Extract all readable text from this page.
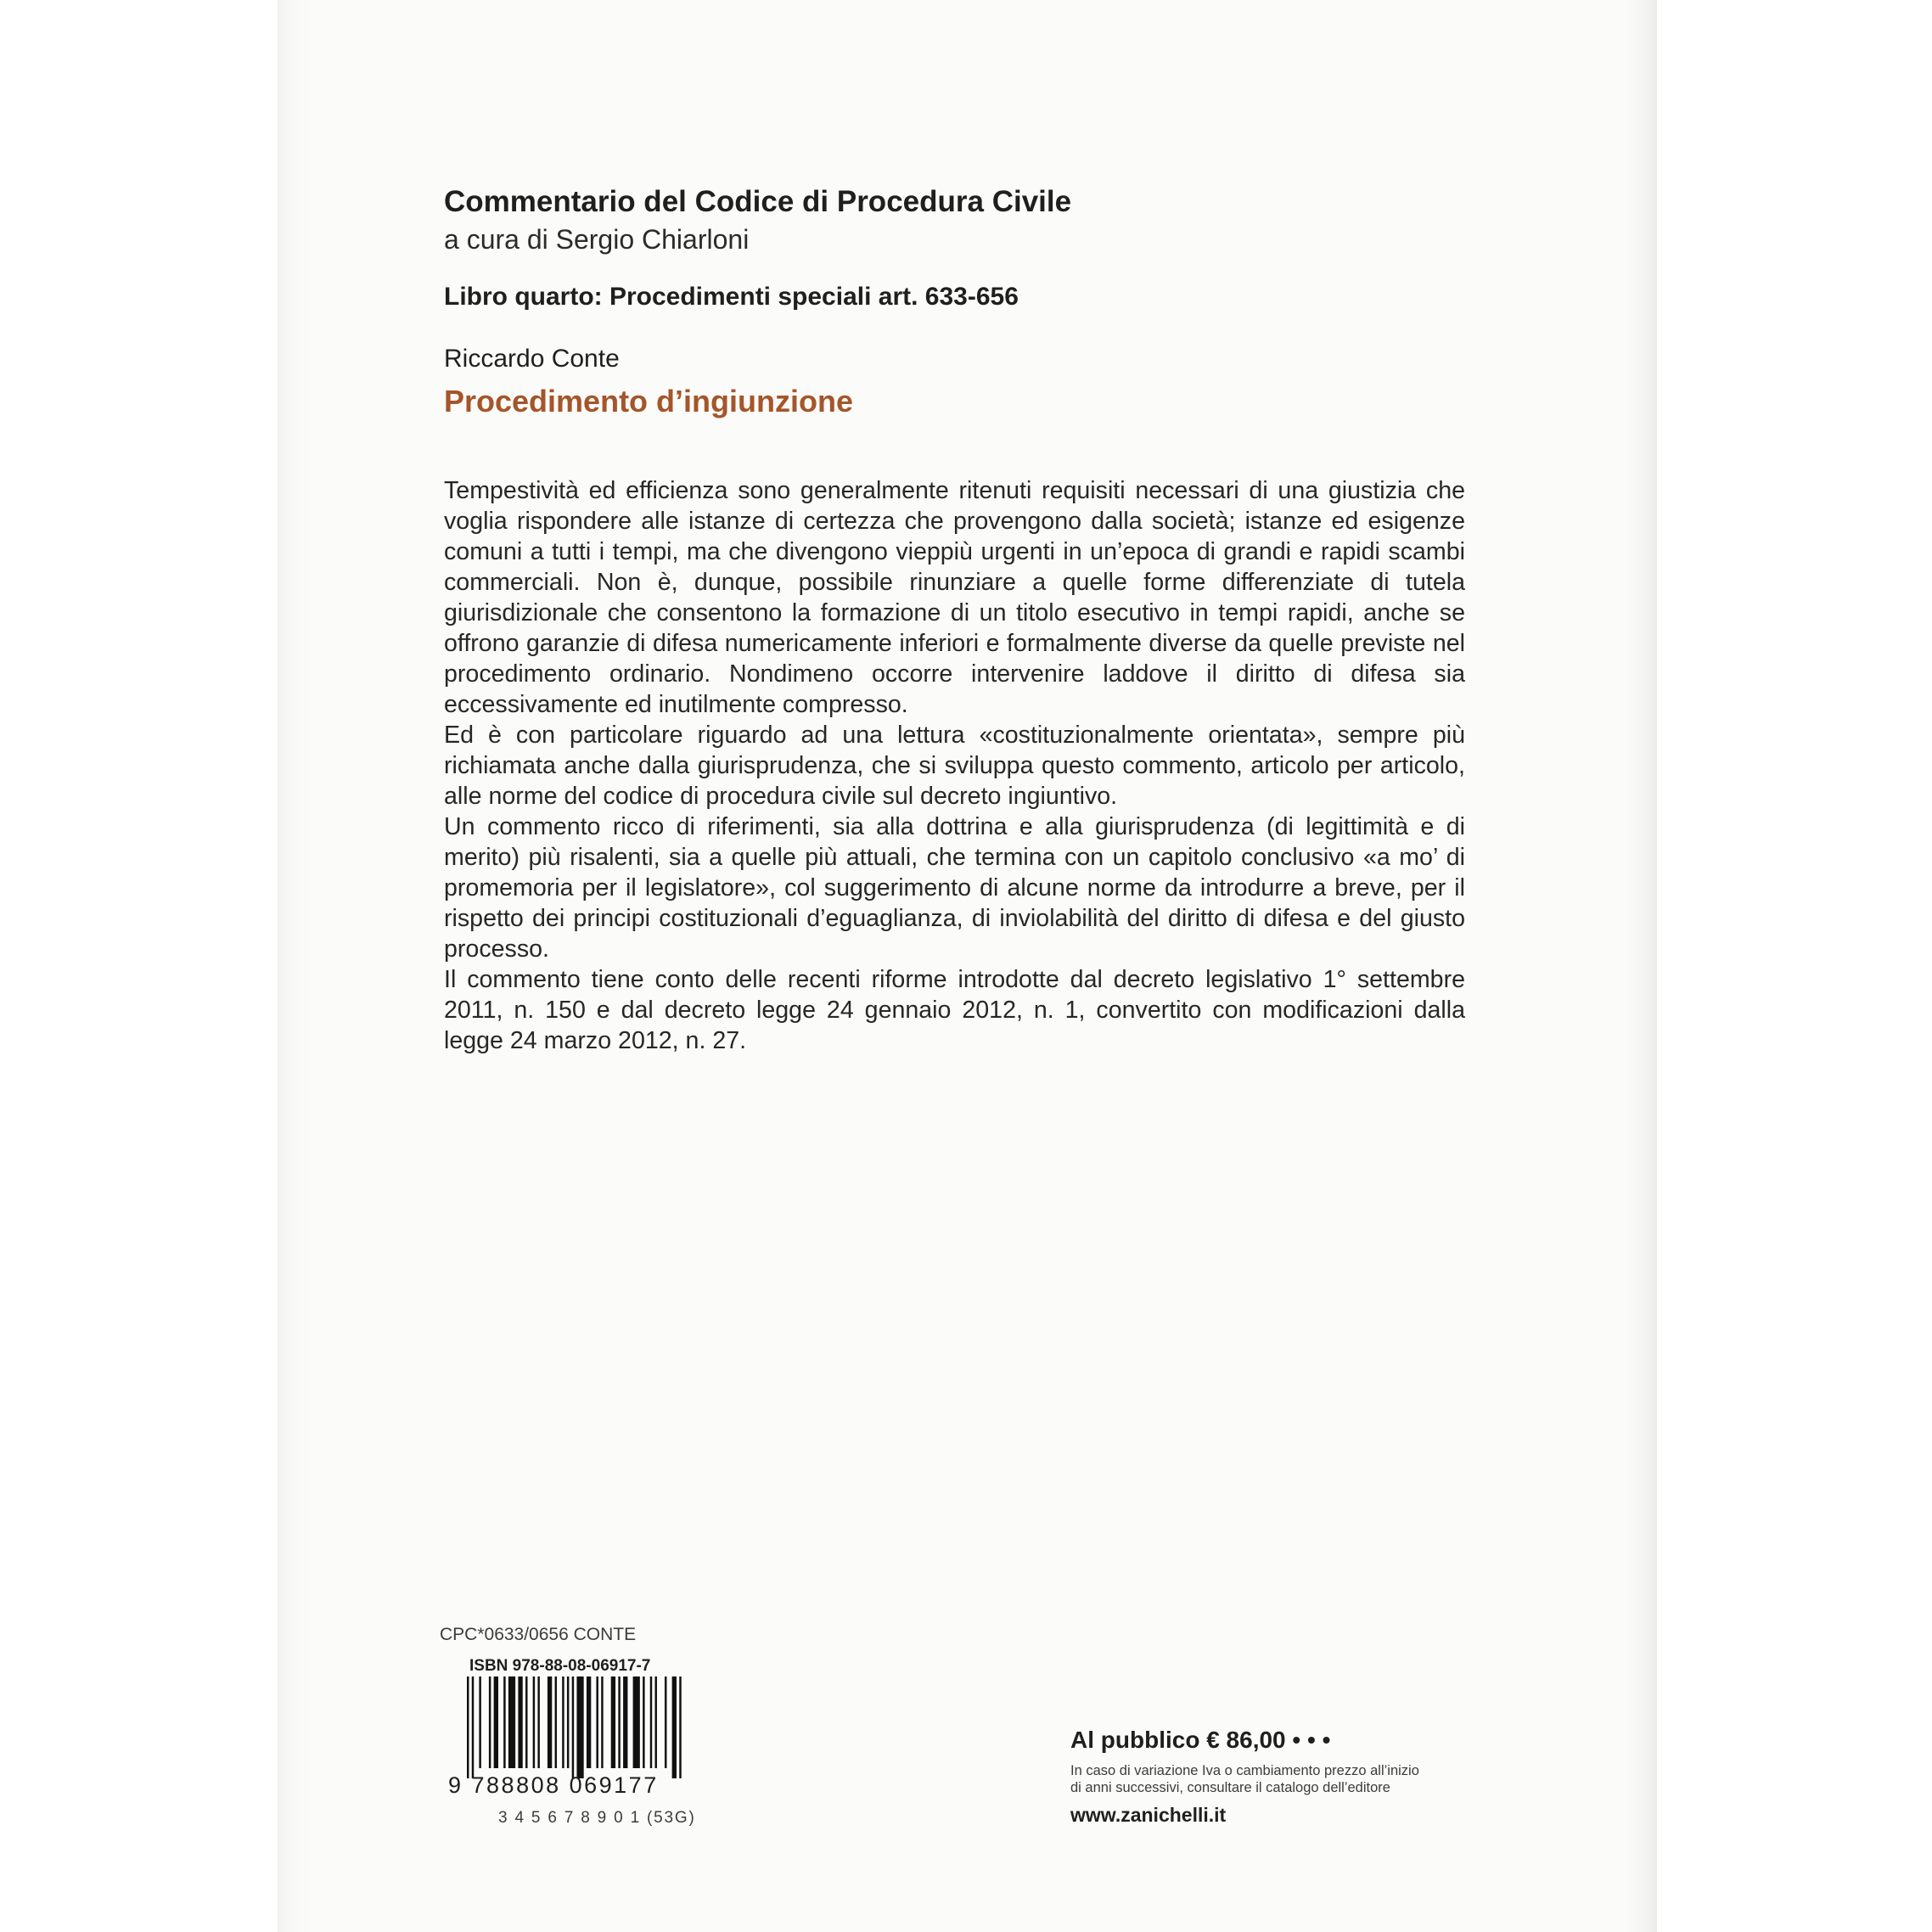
Commentario del Codice di Procedura Civile

a cura di Sergio Chiarloni

Libro quarto: Procedimenti speciali art. 633-656

Riccardo Conte

Procedimento d’ingiunzione

Tempestività ed efficienza sono generalmente ritenuti requisiti necessari di una giustizia che voglia rispondere alle istanze di certezza che provengono dalla società; istanze ed esigenze comuni a tutti i tempi, ma che divengono vieppiù urgenti in un’epoca di grandi e rapidi scambi commerciali. Non è, dunque, possibile rinunziare a quelle forme differenziate di tutela giurisdizionale che consentono la formazione di un titolo esecutivo in tempi rapidi, anche se offrono garanzie di difesa numericamente inferiori e formalmente diverse da quelle previste nel procedimento ordinario. Nondimeno occorre intervenire laddove il diritto di difesa sia eccessivamente ed inutilmente compresso.
Ed è con particolare riguardo ad una lettura «costituzionalmente orientata», sempre più richiamata anche dalla giurisprudenza, che si sviluppa questo commento, articolo per articolo, alle norme del codice di procedura civile sul decreto ingiuntivo.
Un commento ricco di riferimenti, sia alla dottrina e alla giurisprudenza (di legittimità e di merito) più risalenti, sia a quelle più attuali, che termina con un capitolo conclusivo «a mo’ di promemoria per il legislatore», col suggerimento di alcune norme da introdurre a breve, per il rispetto dei principi costituzionali d’eguaglianza, di inviolabilità del diritto di difesa e del giusto processo.
Il commento tiene conto delle recenti riforme introdotte dal decreto legislativo 1° settembre 2011, n. 150 e dal decreto legge 24 gennaio 2012, n. 1, convertito con modificazioni dalla legge 24 marzo 2012, n. 27.

CPC*0633/0656 CONTE

ISBN 978-88-08-06917-7

9 788808 069177

3 4 5 6 7 8 9 0 1 (53G)

Al pubblico € 86,00 • • •

In caso di variazione Iva o cambiamento prezzo all’inizio
di anni successivi, consultare il catalogo dell’editore

www.zanichelli.it
